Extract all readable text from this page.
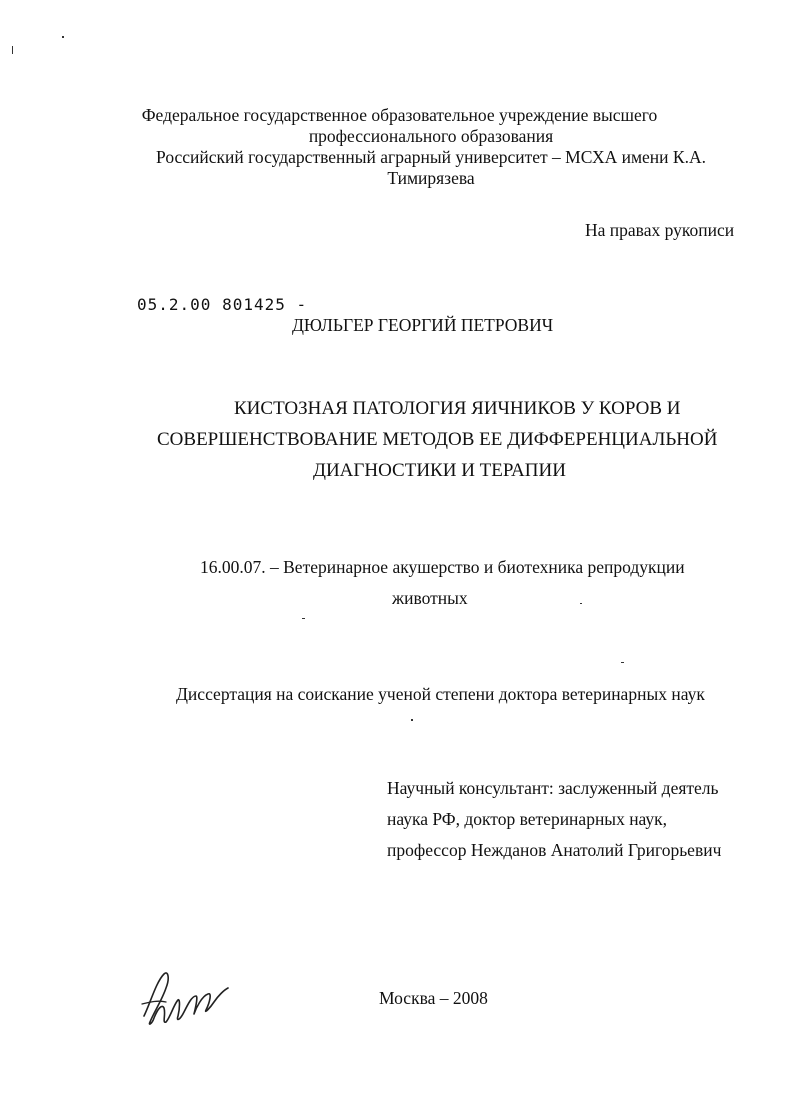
Федеральное государственное образовательное учреждение высшего
профессионального образования
Российский государственный аграрный университет – МСХА имени К.А.
Тимирязева
На правах рукописи
05.2.00 801425 -
ДЮЛЬГЕР ГЕОРГИЙ ПЕТРОВИЧ
КИСТОЗНАЯ ПАТОЛОГИЯ ЯИЧНИКОВ У КОРОВ И
СОВЕРШЕНСТВОВАНИЕ МЕТОДОВ ЕЕ ДИФФЕРЕНЦИАЛЬНОЙ
ДИАГНОСТИКИ И ТЕРАПИИ
16.00.07. – Ветеринарное акушерство и биотехника репродукции
животных
Диссертация на соискание ученой степени доктора ветеринарных наук
Научный консультант: заслуженный деятель
наука РФ, доктор ветеринарных наук,
профессор Нежданов Анатолий Григорьевич
Москва – 2008
